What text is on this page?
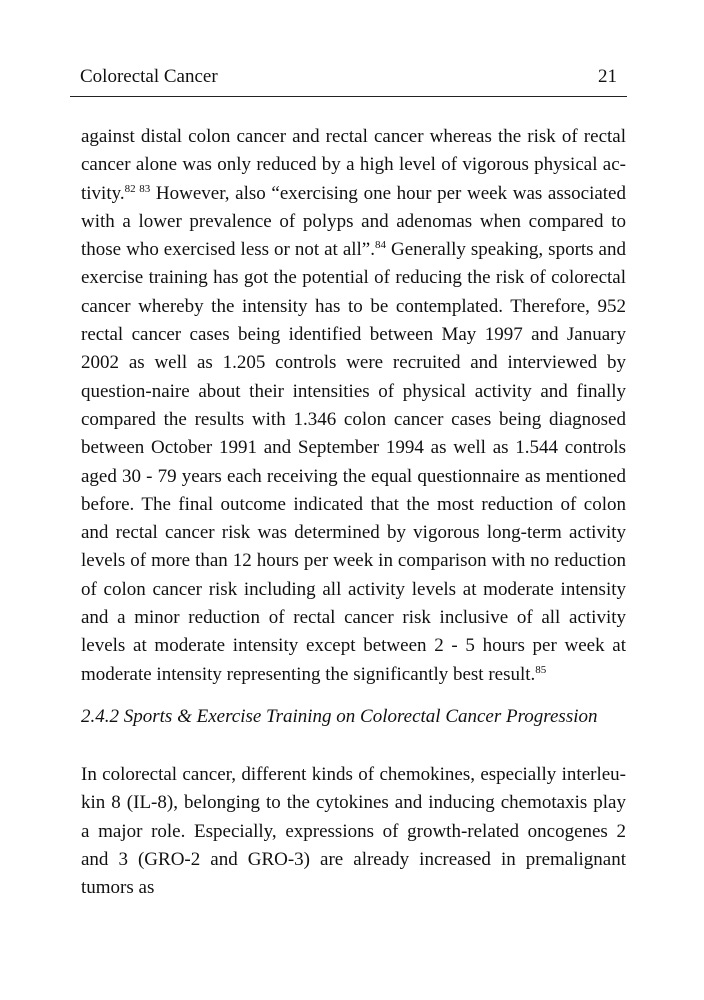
Colorectal Cancer	21
against distal colon cancer and rectal cancer whereas the risk of rectal cancer alone was only reduced by a high level of vigorous physical ac-tivity.$^{82 83}$ However, also “exercising one hour per week was associated with a lower prevalence of polyps and adenomas when compared to those who exercised less or not at all”.$^{84}$ Generally speaking, sports and exercise training has got the potential of reducing the risk of colorectal cancer whereby the intensity has to be contemplated. Therefore, 952 rectal cancer cases being identified between May 1997 and January 2002 as well as 1.205 controls were recruited and interviewed by question-naire about their intensities of physical activity and finally compared the results with 1.346 colon cancer cases being diagnosed between October 1991 and September 1994 as well as 1.544 controls aged 30 - 79 years each receiving the equal questionnaire as mentioned before. The final outcome indicated that the most reduction of colon and rectal cancer risk was determined by vigorous long-term activity levels of more than 12 hours per week in comparison with no reduction of colon cancer risk including all activity levels at moderate intensity and a minor reduction of rectal cancer risk inclusive of all activity levels at moderate intensity except between 2 - 5 hours per week at moderate intensity representing the significantly best result.$^{85}$
2.4.2 Sports & Exercise Training on Colorectal Cancer Progression
In colorectal cancer, different kinds of chemokines, especially interleu-kin 8 (IL-8), belonging to the cytokines and inducing chemotaxis play a major role. Especially, expressions of growth-related oncogenes 2 and 3 (GRO-2 and GRO-3) are already increased in premalignant tumors as
